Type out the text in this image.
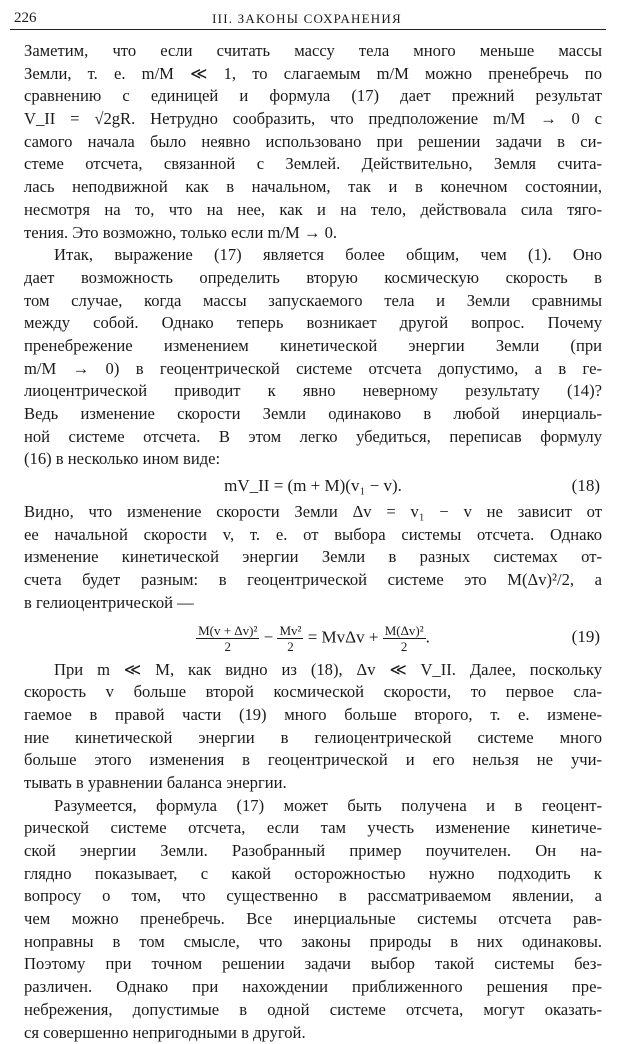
226	III. ЗАКОНЫ СОХРАНЕНИЯ
Заметим, что если считать массу тела много меньше массы
Земли, т. е. m/M ≪ 1, то слагаемым m/M можно пренебречь по
сравнению с единицей и формула (17) дает прежний результат
V_II = √2gR. Нетрудно сообразить, что предположение m/M → 0 с
самого начала было неявно использовано при решении задачи в си-
стеме отсчета, связанной с Землей. Действительно, Земля счита-
лась неподвижной как в начальном, так и в конечном состоянии,
несмотря на то, что на нее, как и на тело, действовала сила тяго-
тения. Это возможно, только если m/M → 0.
Итак, выражение (17) является более общим, чем (1). Оно
дает возможность определить вторую космическую скорость в
том случае, когда массы запускаемого тела и Земли сравнимы
между собой. Однако теперь возникает другой вопрос. Почему
пренебрежение изменением кинетической энергии Земли (при
m/M → 0) в геоцентрической системе отсчета допустимо, а в ге-
лиоцентрической приводит к явно неверному результату (14)?
Ведь изменение скорости Земли одинаково в любой инерциаль-
ной системе отсчета. В этом легко убедиться, переписав формулу
(16) в несколько ином виде:
mV_II = (m + M)(v₁ − v).	(18)
Видно, что изменение скорости Земли Δv = v₁ − v не зависит от
ее начальной скорости v, т. е. от выбора системы отсчета. Однако
изменение кинетической энергии Земли в разных системах от-
счета будет разным: в геоцентрической системе это M(Δv)²/2, а
в гелиоцентрической —
$\frac{\text{M(v + Δv)²}}{2} - \frac{\text{Mv²}}{2} = Mv\Delta v + \frac{\text{M(Δv)²}}{2}$ .	(19)
При m ≪ M, как видно из (18), Δv ≪ V_II. Далее, поскольку
скорость v больше второй космической скорости, то первое сла-
гаемое в правой части (19) много больше второго, т. е. измене-
ние кинетической энергии в гелиоцентрической системе много
больше этого изменения в геоцентрической и его нельзя не учи-
тывать в уравнении баланса энергии.
Разумеется, формула (17) может быть получена и в геоцент-
рической системе отсчета, если там учесть изменение кинетиче-
ской энергии Земли. Разобранный пример поучителен. Он на-
глядно показывает, с какой осторожностью нужно подходить к
вопросу о том, что существенно в рассматриваемом явлении, а
чем можно пренебречь. Все инерциальные системы отсчета рав-
ноправны в том смысле, что законы природы в них одинаковы.
Поэтому при точном решении задачи выбор такой системы без-
различен. Однако при нахождении приближенного решения пре-
небрежения, допустимые в одной системе отсчета, могут оказать-
ся совершенно непригодными в другой.
